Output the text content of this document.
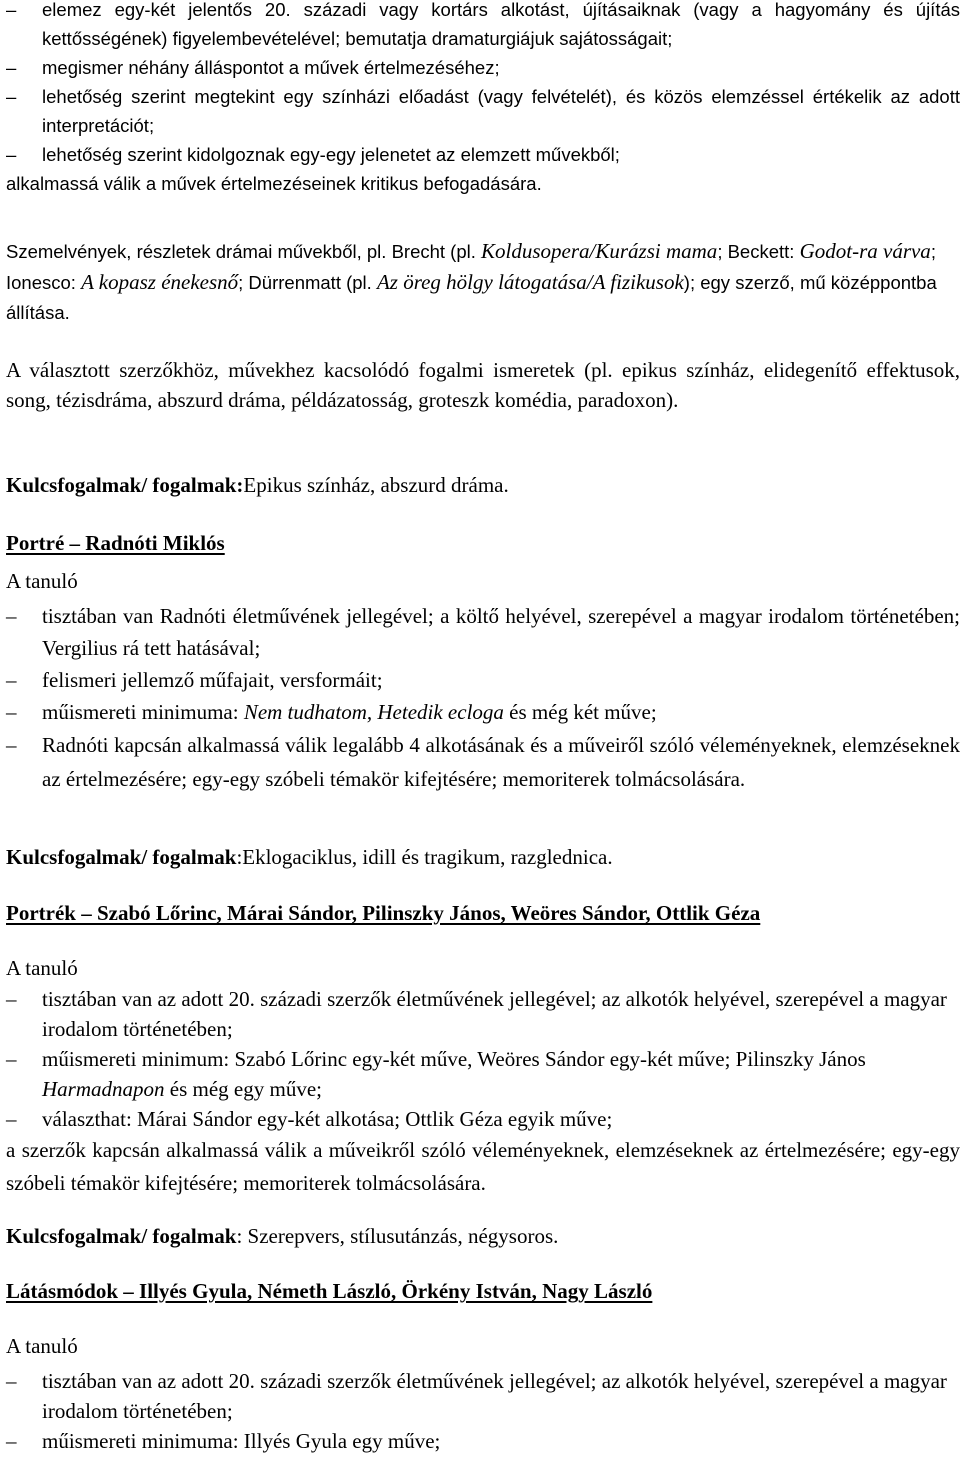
– elemez egy-két jelentős 20. századi vagy kortárs alkotást, újításaiknak (vagy a hagyomány és újítás kettősségének) figyelembevételével; bemutatja dramaturgiájuk sajátosságait;
– megismer néhány álláspontot a művek értelmezéséhez;
– lehetőség szerint megtekint egy színházi előadást (vagy felvételét), és közös elemzéssel értékelik az adott interpretációt;
– lehetőség szerint kidolgoznak egy-egy jelenetet az elemzett művekből;
alkalmassá válik a művek értelmezéseinek kritikus befogadására.
Szemelvények, részletek drámai művekből, pl. Brecht (pl. Koldusopera/Kurázsi mama; Beckett: Godot-ra várva; Ionesco: A kopasz énekesnő; Dürrenmatt (pl. Az öreg hölgy látogatása/A fizikusok); egy szerző, mű középpontba állítása.
A választott szerzőkhöz, művekhez kacsolódó fogalmi ismeretek (pl. epikus színház, elidegenítő effektusok, song, tézisdráma, abszurd dráma, példázatosság, groteszk komédia, paradoxon).
Kulcsfogalmak/ fogalmak:Epikus színház, abszurd dráma.
Portré – Radnóti Miklós
A tanuló
– tisztában van Radnóti életművének jellegével; a költő helyével, szerepével a magyar irodalom történetében; Vergilius rá tett hatásával;
– felismeri jellemző műfajait, versformáit;
– műismereti minimuma: Nem tudhatom, Hetedik ecloga és még két műve;
– Radnóti kapcsán alkalmassá válik legalább 4 alkotásának és a műveiről szóló véleményeknek, elemzéseknek az értelmezésére; egy-egy szóbeli témakör kifejtésére; memoriterek tolmácsolására.
Kulcsfogalmak/ fogalmak:Eklogaciklus, idill és tragikum, razglednica.
Portrék – Szabó Lőrinc, Márai Sándor, Pilinszky János, Weöres Sándor, Ottlik Géza
A tanuló
– tisztában van az adott 20. századi szerzők életművének jellegével; az alkotók helyével, szerepével a magyar irodalom történetében;
– műismereti minimum: Szabó Lőrinc egy-két műve, Weöres Sándor egy-két műve; Pilinszky János Harmadnapon és még egy műve;
– választhat: Márai Sándor egy-két alkotása; Ottlik Géza egyik műve;
a szerzők kapcsán alkalmassá válik a műveikről szóló véleményeknek, elemzéseknek az értelmezésére; egy-egy szóbeli témakör kifejtésére; memoriterek tolmácsolására.
Kulcsfogalmak/ fogalmak: Szerepvers, stílusutánzás, négysoros.
Látásmódok – Illyés Gyula, Németh László, Örkény István, Nagy László
A tanuló
– tisztában van az adott 20. századi szerzők életművének jellegével; az alkotók helyével, szerepével a magyar irodalom történetében;
– műismereti minimuma: Illyés Gyula egy műve;
